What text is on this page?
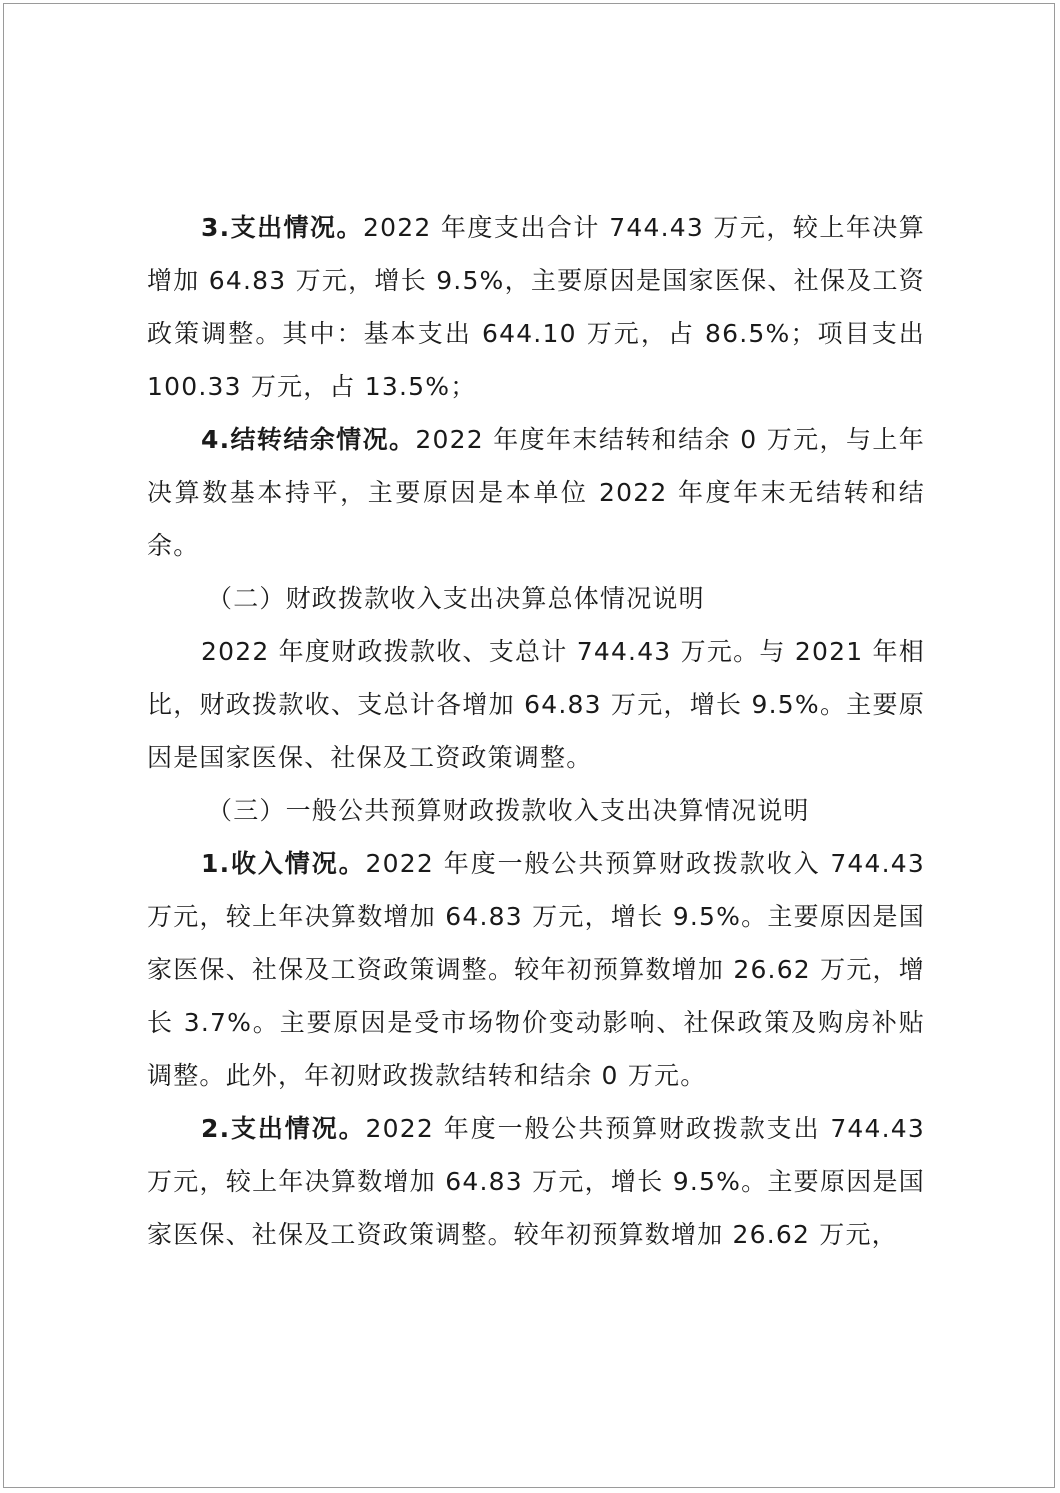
3.支出情况。2022 年度支出合计 744.43 万元，较上年决算增加 64.83 万元，增长 9.5%，主要原因是国家医保、社保及工资政策调整。其中：基本支出 644.10 万元，占 86.5%；项目支出 100.33 万元，占 13.5%；

4.结转结余情况。2022 年度年末结转和结余 0 万元，与上年决算数基本持平，主要原因是本单位 2022 年度年末无结转和结余。

（二）财政拨款收入支出决算总体情况说明

2022 年度财政拨款收、支总计 744.43 万元。与 2021 年相比，财政拨款收、支总计各增加 64.83 万元，增长 9.5%。主要原因是国家医保、社保及工资政策调整。

（三）一般公共预算财政拨款收入支出决算情况说明

1.收入情况。2022 年度一般公共预算财政拨款收入 744.43 万元，较上年决算数增加 64.83 万元，增长 9.5%。主要原因是国家医保、社保及工资政策调整。较年初预算数增加 26.62 万元，增长 3.7%。主要原因是受市场物价变动影响、社保政策及购房补贴调整。此外，年初财政拨款结转和结余 0 万元。

2.支出情况。2022 年度一般公共预算财政拨款支出 744.43 万元，较上年决算数增加 64.83 万元，增长 9.5%。主要原因是国家医保、社保及工资政策调整。较年初预算数增加 26.62 万元，
